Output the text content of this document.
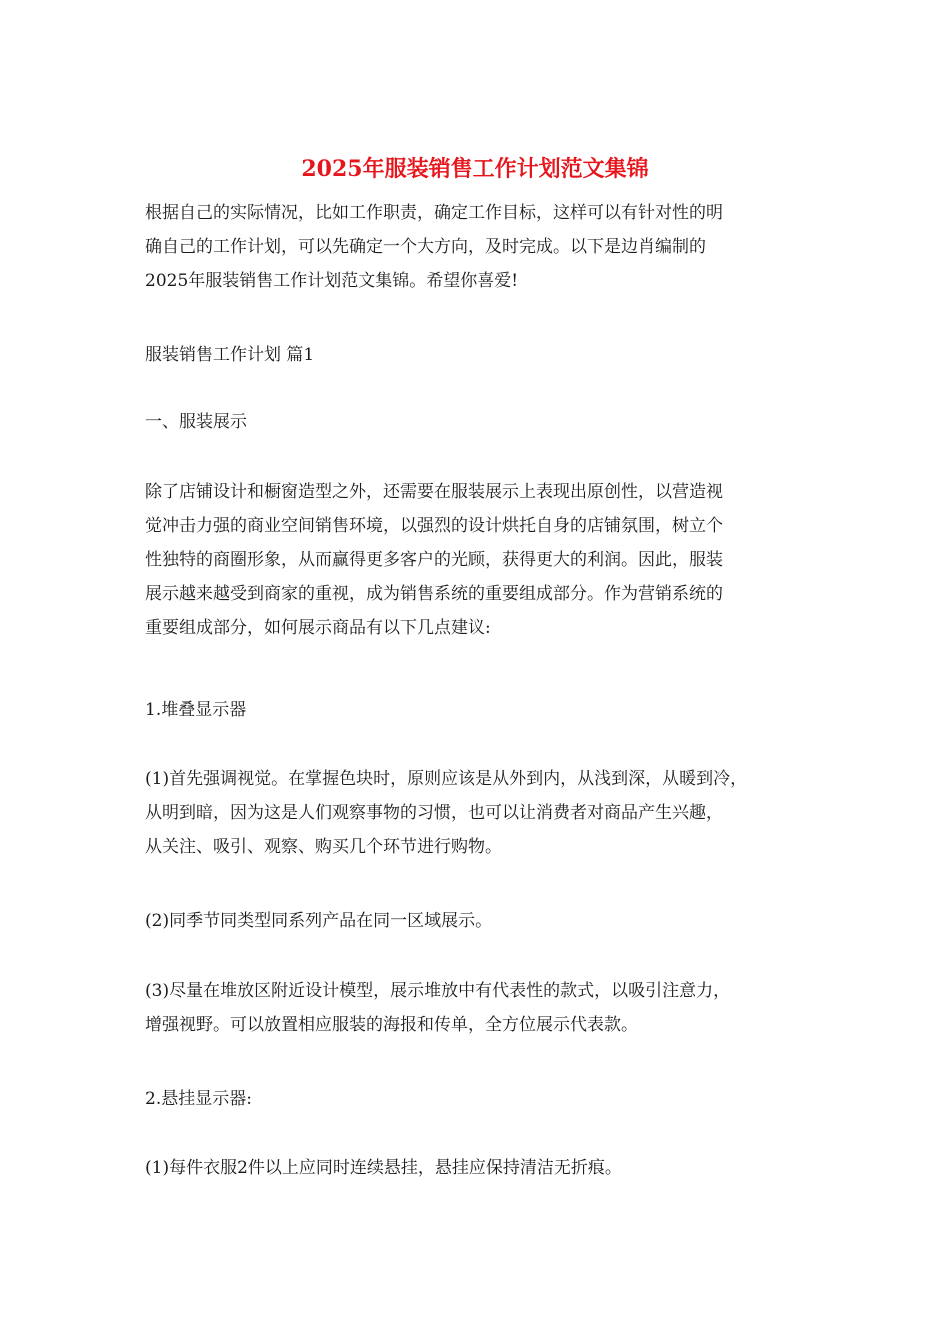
2025年服装销售工作计划范文集锦

根据自己的实际情况，比如工作职责，确定工作目标，这样可以有针对性的明
确自己的工作计划，可以先确定一个大方向，及时完成。以下是边肖编制的
2025年服装销售工作计划范文集锦。希望你喜爱!

服装销售工作计划 篇1

一、服装展示

除了店铺设计和橱窗造型之外，还需要在服装展示上表现出原创性，以营造视
觉冲击力强的商业空间销售环境，以强烈的设计烘托自身的店铺氛围，树立个
性独特的商圈形象，从而赢得更多客户的光顾，获得更大的利润。因此，服装
展示越来越受到商家的重视，成为销售系统的重要组成部分。作为营销系统的
重要组成部分，如何展示商品有以下几点建议:

1.堆叠显示器

(1)首先强调视觉。在掌握色块时，原则应该是从外到内，从浅到深，从暖到冷，
从明到暗，因为这是人们观察事物的习惯，也可以让消费者对商品产生兴趣，
从关注、吸引、观察、购买几个环节进行购物。

(2)同季节同类型同系列产品在同一区域展示。

(3)尽量在堆放区附近设计模型，展示堆放中有代表性的款式，以吸引注意力，
增强视野。可以放置相应服装的海报和传单，全方位展示代表款。

2.悬挂显示器:

(1)每件衣服2件以上应同时连续悬挂，悬挂应保持清洁无折痕。
